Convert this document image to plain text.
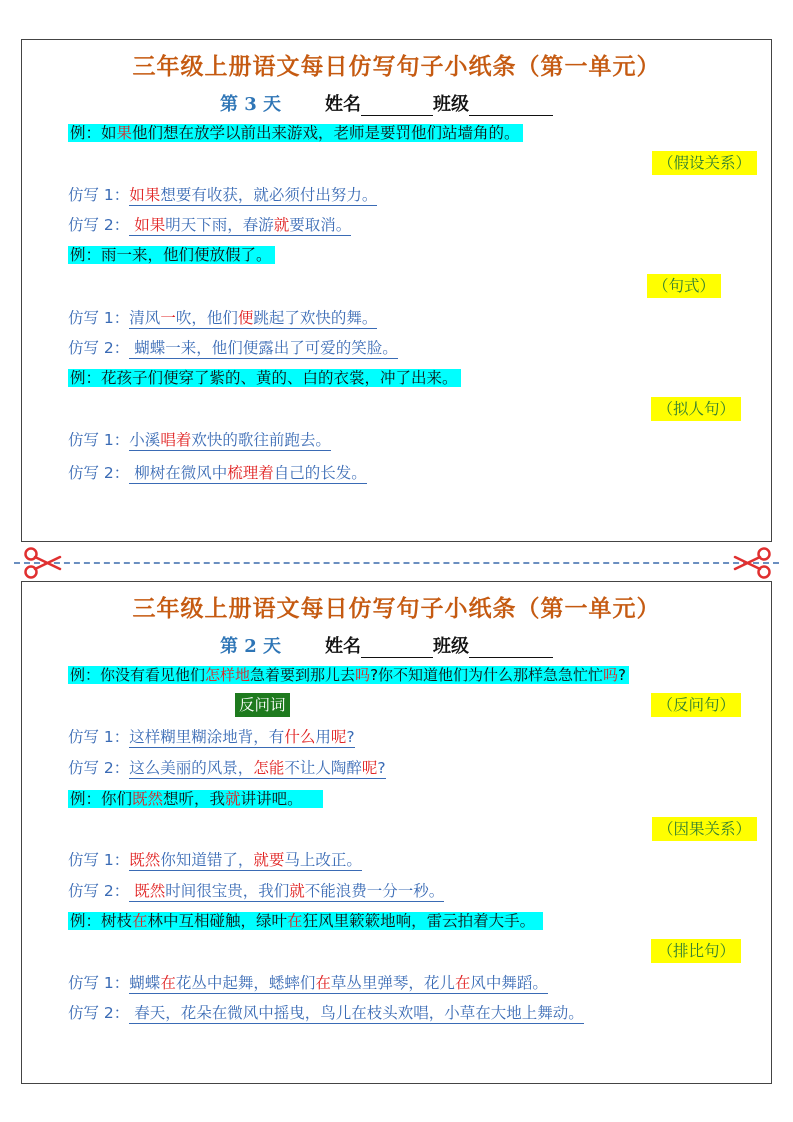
三年级上册语文每日仿写句子小纸条（第一单元）
第 3 天 姓名	班级
例：如果他们想在放学以前出来游戏，老师是要罚他们站墙角的。
（假设关系）
仿写 1：如果想要有收获，就必须付出努力。
仿写 2： 如果明天下雨，春游就要取消。
例：雨一来，他们便放假了。
（句式）
仿写 1：清风一吹，他们便跳起了欢快的舞。
仿写 2： 蝴蝶一来，他们便露出了可爱的笑脸。
例：花孩子们便穿了紫的、黄的、白的衣裳，冲了出来。
（拟人句）
仿写 1：小溪唱着欢快的歌往前跑去。
仿写 2： 柳树在微风中梳理着自己的长发。
三年级上册语文每日仿写句子小纸条（第一单元）
第 2 天 姓名	班级
例：你没有看见他们怎样地急着要到那儿去吗?你不知道他们为什么那样急急忙忙吗?
反问词	（反问句）
仿写 1：这样糊里糊涂地背，有什么用呢?
仿写 2：这么美丽的风景，怎能不让人陶醉呢?
例：你们既然想听，我就讲讲吧。
（因果关系）
仿写 1：既然你知道错了，就要马上改正。
仿写 2： 既然时间很宝贵，我们就不能浪费一分一秒。
例：树枝在林中互相碰触，绿叶在狂风里簌簌地响，雷云拍着大手。
（排比句）
仿写 1：蝴蝶在花丛中起舞，蟋蟀们在草丛里弹琴，花儿在风中舞蹈。
仿写 2： 春天，花朵在微风中摇曳，鸟儿在枝头欢唱，小草在大地上舞动。
